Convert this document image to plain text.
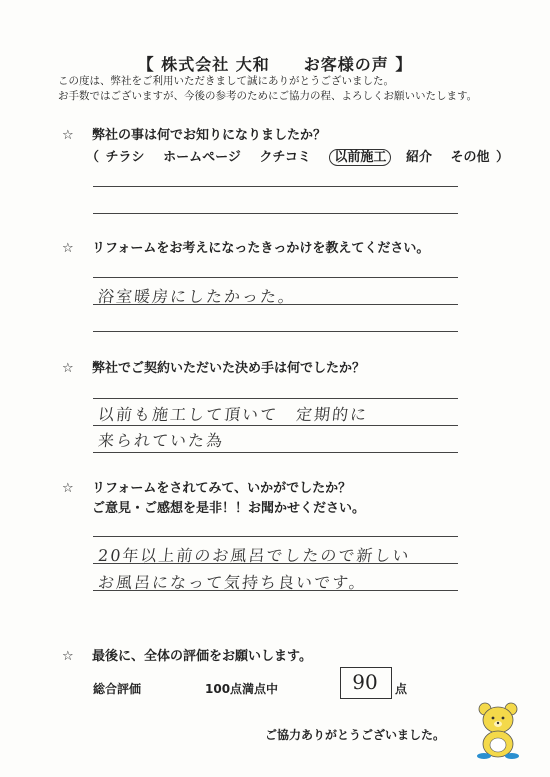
【 株式会社 大和　　お客様の声 】
この度は、弊社をご利用いただきまして誠にありがとうございました。
お手数ではございますが、今後の参考のためにご協力の程、よろしくお願いいたします。
☆ 弊社の事は何でお知りになりましたか？
（ チラシ ホームページ クチコミ 以前施工 紹介 その他 ）
☆ リフォームをお考えになったきっかけを教えてください。
浴室暖房にしたかった。
☆ 弊社でご契約いただいた決め手は何でしたか？
以前も施工して頂いて　定期的に
来られていた為
☆ リフォームをされてみて、いかがでしたか？
ご意見・ご感想を是非！！お聞かせください。
20年以上前のお風呂でしたので新しい
お風呂になって気持ち良いです。
☆ 最後に、全体の評価をお願いします。
総合評価	100点満点中	90	点
ご協力ありがとうございました。
